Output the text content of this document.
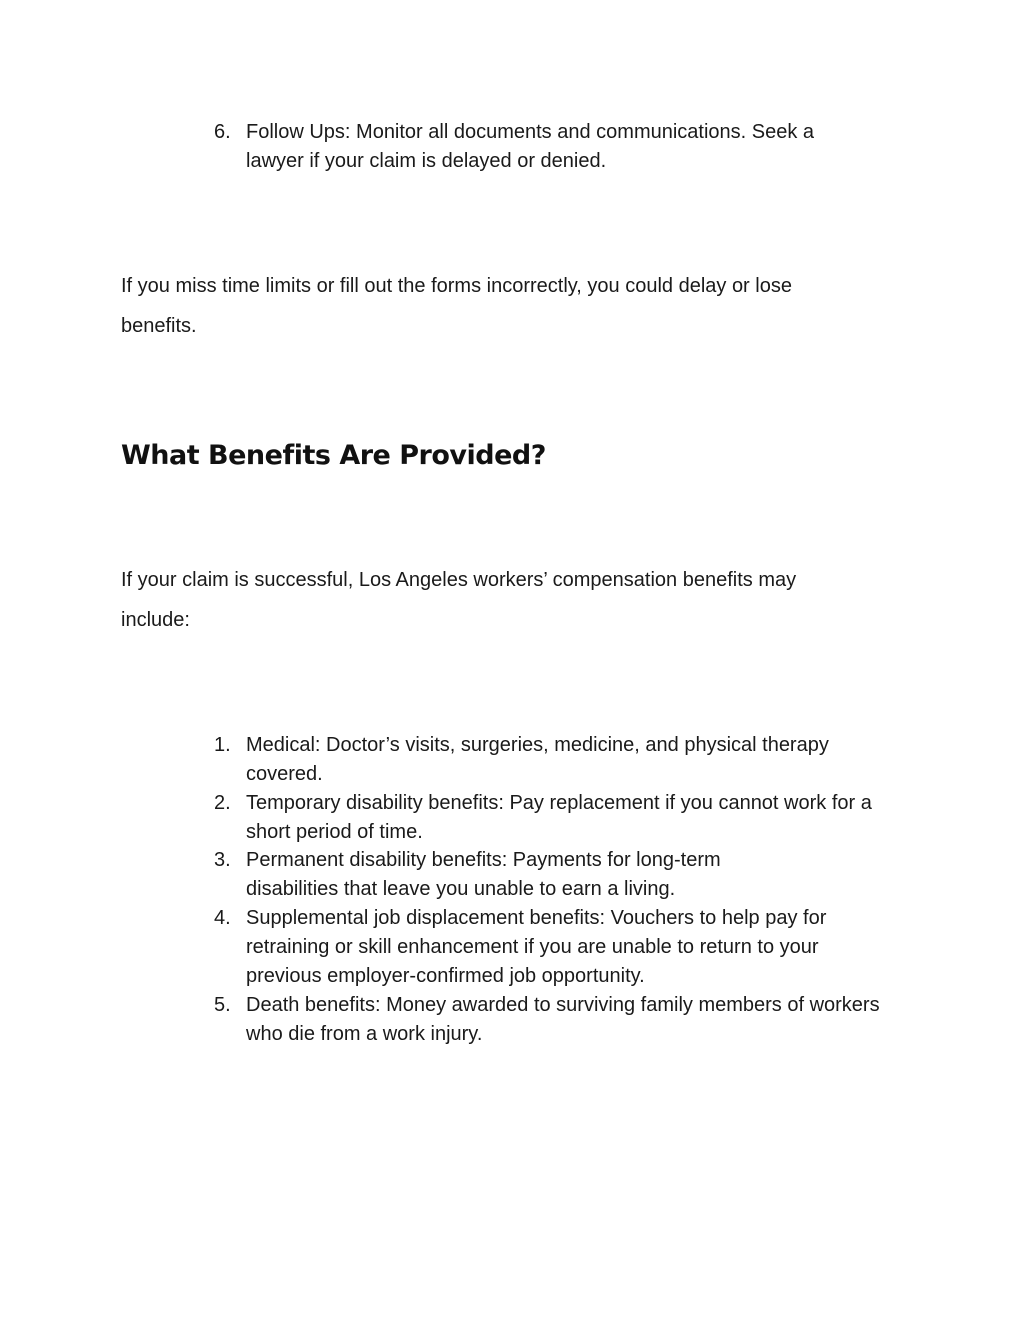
6. Follow Ups: Monitor all documents and communications. Seek a lawyer if your claim is delayed or denied.

If you miss time limits or fill out the forms incorrectly, you could delay or lose benefits.

What Benefits Are Provided?

If your claim is successful, Los Angeles workers’ compensation benefits may include:

1. Medical: Doctor’s visits, surgeries, medicine, and physical therapy covered.
2. Temporary disability benefits: Pay replacement if you cannot work for a short period of time.
3. Permanent disability benefits: Payments for long-term disabilities that leave you unable to earn a living.
4. Supplemental job displacement benefits: Vouchers to help pay for retraining or skill enhancement if you are unable to return to your previous employer-confirmed job opportunity.
5. Death benefits: Money awarded to surviving family members of workers who die from a work injury.
